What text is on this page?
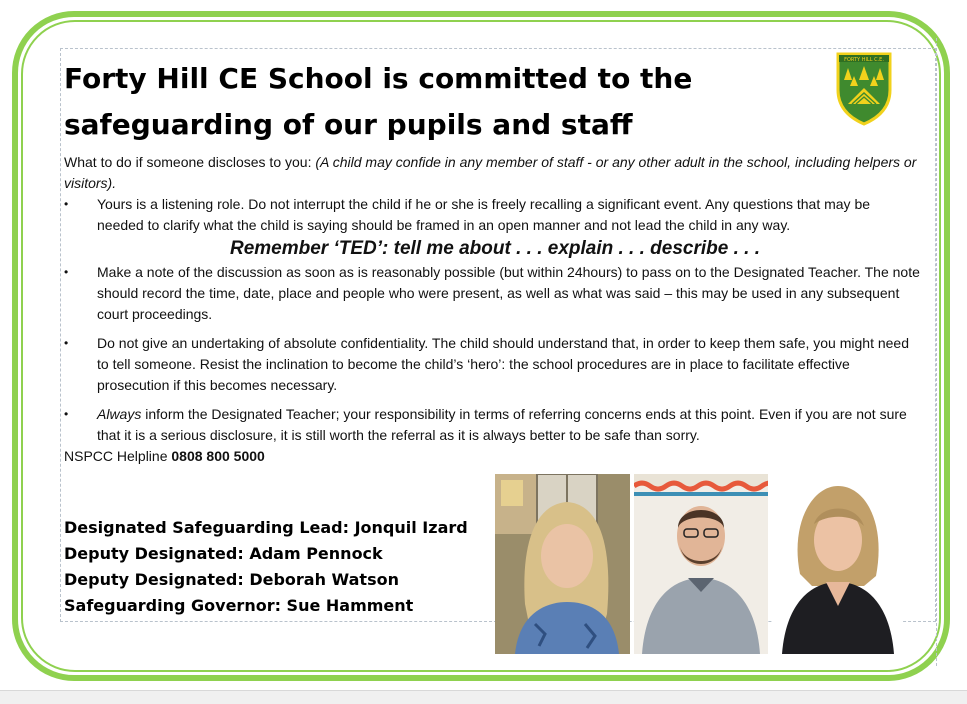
Forty Hill CE School is committed to the
safeguarding of our pupils and staff
FORTY HILL C.E.

What to do if someone discloses to you: (A child may confide in any member of staff - or any other adult in the school, including helpers or visitors).

• Yours is a listening role. Do not interrupt the child if he or she is freely recalling a significant event. Any questions that may be needed to clarify what the child is saying should be framed in an open manner and not lead the child in any way.

Remember ‘TED’: tell me about . . . explain . . . describe . . .

• Make a note of the discussion as soon as is reasonably possible (but within 24hours) to pass on to the Designated Teacher. The note should record the time, date, place and people who were present, as well as what was said – this may be used in any subsequent court proceedings.
• Do not give an undertaking of absolute confidentiality. The child should understand that, in order to keep them safe, you might need to tell someone. Resist the inclination to become the child’s ‘hero’: the school procedures are in place to facilitate effective prosecution if this becomes necessary.
• Always inform the Designated Teacher; your responsibility in terms of referring concerns ends at this point. Even if you are not sure that it is a serious disclosure, it is still worth the referral as it is always better to be safe than sorry.

NSPCC Helpline 0808 800 5000

Designated Safeguarding Lead: Jonquil Izard
Deputy Designated: Adam Pennock
Deputy Designated: Deborah Watson
Safeguarding Governor: Sue Hamment
